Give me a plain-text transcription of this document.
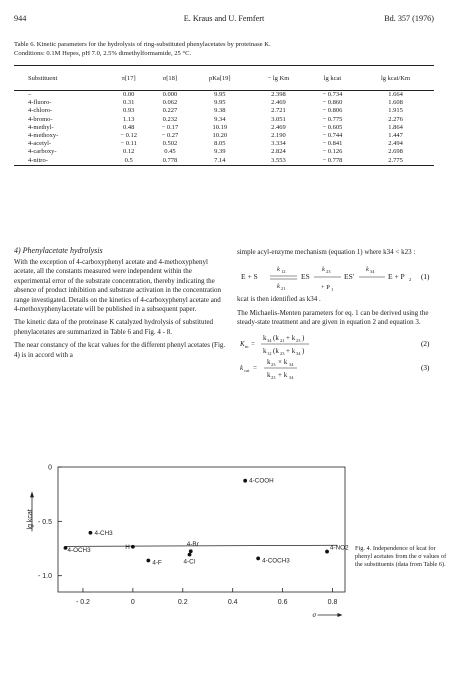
944	E. Kraus and U. Femfert	Bd. 357 (1976)
Table 6. Kinetic parameters for the hydrolysis of ring-substituted phenylacetates by proteinase K.
Conditions: 0.1M Hepes, pH 7.0, 2.5% dimethylformamide, 25 °C.
Substituent	π[17]	σ[18]	pKa[19]	− lg Km	lg kcat	lg kcat/Km
–	0.00	0.000	9.95	2.398	− 0.734	1.664
4-fluoro-	0.31	0.062	9.95	2.469	− 0.860	1.608
4-chloro-	0.93	0.227	9.38	2.721	− 0.806	1.915
4-bromo-	1.13	0.232	9.34	3.051	− 0.775	2.276
4-methyl-	0.48	− 0.17	10.19	2.469	− 0.605	1.864
4-methoxy-	− 0.12	− 0.27	10.20	2.190	− 0.744	1.447
4-acetyl-	− 0.11	0.502	8.05	3.334	− 0.841	2.494
4-carboxy-	0.12	0.45	9.39	2.824	− 0.126	2.698
4-nitro-	0.5	0.778	7.14	3.553	− 0.778	2.775
4) Phenylacetate hydrolysis

With the exception of 4-carboxyphenyl acetate and 4-methoxyphenyl acetate, all the constants measured were independent within the experimental error of the substrate concentration, thereby indicating the absence of product inhibition and substrate activation in the concentration range investigated. Details on the kinetics of 4-carboxyphenyl acetate and 4-methoxyphenylacetate will be published in a subsequent paper.

The kinetic data of the proteinase K catalyzed hydrolysis of substituted phenylacetates are summarized in Table 6 and Fig. 4 - 8.

The near constancy of the kcat values for the different phenyl acetates (Fig. 4) is in accord with a

simple acyl-enzyme mechanism (equation 1) where k34 < k23 :

E + S
k 12
k 21
ES
k 23
ES′
+ P 1
k 34
E + P 2 (1)

kcat is then identified as k34 .

The Michaelis-Menten parameters for eq. 1 can be derived using the steady-state treatment and are given in equation 2 and equation 3.

K m =
k 34 (k 21 + k 23 )
k 12 (k 23 + k 34 )
(2)
k cat =
k 23 × k 34
k 23 + k 34
(3)
0
- 0.5
- 1.0
- 0.2	0	0.2	0.4	0.6	0.8
lg kcat
σ
4-COOH
4-CH3
4-OCH3	H	4-Br
4-F	4-Cl	4-COCH3
4-NO2 Fig. 4. Independence of kcat for phenyl acetates from the σ values of the substituents (data from Table 6).
